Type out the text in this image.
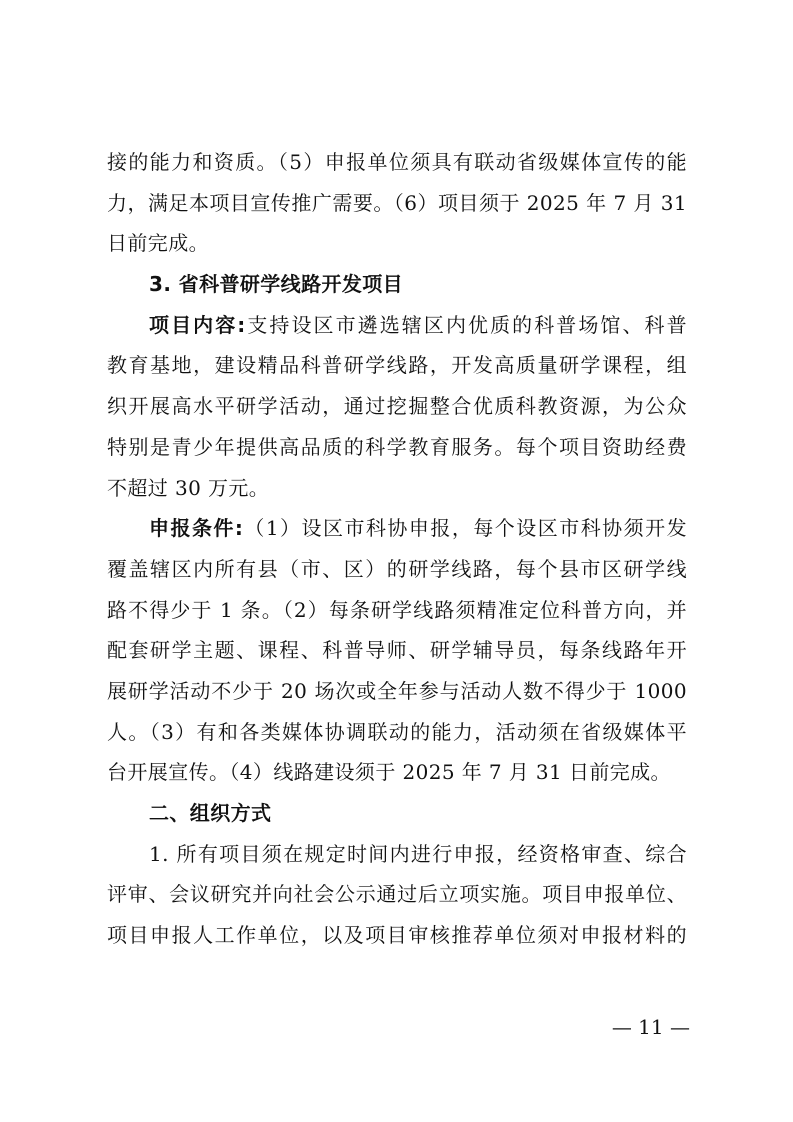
接的能力和资质。（5）申报单位须具有联动省级媒体宣传的能
力，满足本项目宣传推广需要。（6）项目须于 2025 年 7 月 31
日前完成。
3. 省科普研学线路开发项目
项目内容:支持设区市遴选辖区内优质的科普场馆、科普
教育基地，建设精品科普研学线路，开发高质量研学课程，组
织开展高水平研学活动，通过挖掘整合优质科教资源，为公众
特别是青少年提供高品质的科学教育服务。每个项目资助经费
不超过 30 万元。
申报条件:（1）设区市科协申报，每个设区市科协须开发
覆盖辖区内所有县（市、区）的研学线路，每个县市区研学线
路不得少于 1 条。（2）每条研学线路须精准定位科普方向，并
配套研学主题、课程、科普导师、研学辅导员，每条线路年开
展研学活动不少于 20 场次或全年参与活动人数不得少于 1000
人。（3）有和各类媒体协调联动的能力，活动须在省级媒体平
台开展宣传。（4）线路建设须于 2025 年 7 月 31 日前完成。
二、组织方式
1. 所有项目须在规定时间内进行申报，经资格审查、综合
评审、会议研究并向社会公示通过后立项实施。项目申报单位、
项目申报人工作单位，以及项目审核推荐单位须对申报材料的
— 11 —
